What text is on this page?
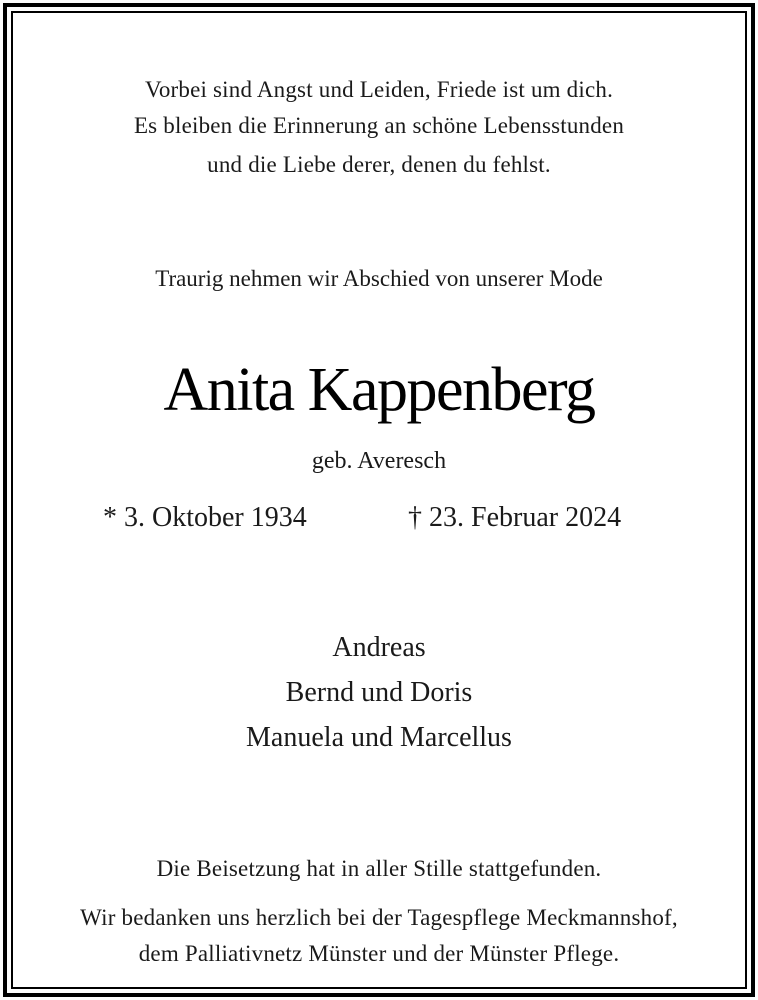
Vorbei sind Angst und Leiden, Friede ist um dich.
Es bleiben die Erinnerung an schöne Lebensstunden
und die Liebe derer, denen du fehlst.
Traurig nehmen wir Abschied von unserer Mode
Anita Kappenberg
geb. Averesch
* 3. Oktober 1934	† 23. Februar 2024
Andreas
Bernd und Doris
Manuela und Marcellus
Die Beisetzung hat in aller Stille stattgefunden.
Wir bedanken uns herzlich bei der Tagespflege Meckmannshof,
dem Palliativnetz Münster und der Münster Pflege.
